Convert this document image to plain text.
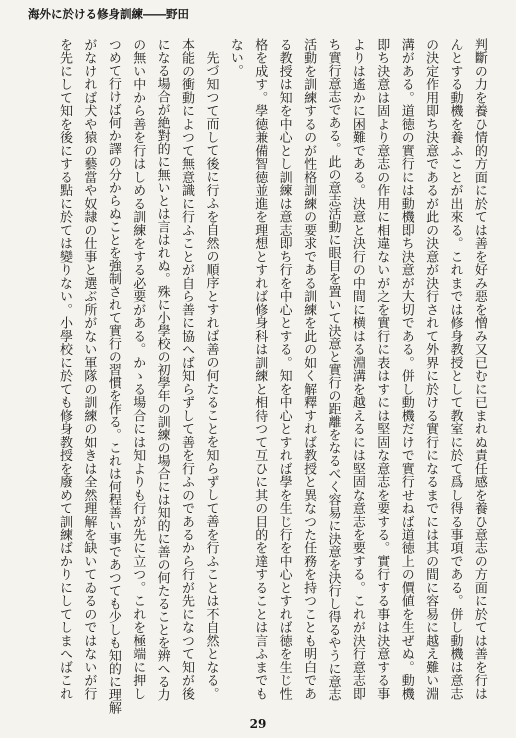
海外に於ける修身訓練――野田
判斷の力を養ひ情的方面に於ては善を好み惡を憎み又已むに已まれぬ責任感を養ひ意志の方面に於ては善を行は
んとする動機を養ふことが出來る。これまでは修身教授として教室に於て爲し得る事項である。併し動機は意志
の決定作用即ち決意であるが此の決意が決行されて外界に於ける實行になるまでには其の間に容易に越え難い淵
溝がある。道徳の實行には動機即ち決意が大切である。併し動機だけで實行せねば道徳上の價値を生ぜぬ。動機
即ち決意は固より意志の作用に相違ないが之を實行に表はすには堅固な意志を要する。實行する事は決意する事
よりは遙かに困難である。決意と決行の中間に横はる淵溝を越えるには堅固な意志を要する。これが決行意志即
ち實行意志である。此の意志活動に眼目を置いて決意と實行の距離をなるべく容易に決意を決行し得るやうに意志
活動を訓練するのが性格訓練の要求である訓練を此の如く解釋すれば教授と異なつた任務を持つことも明白であ
る教授は知を中心とし訓練は意志即ち行を中心とする。知を中心とすれば學を生じ行を中心とすれば徳を生じ性
格を成す。學徳兼備智徳並進を理想とすれば修身科は訓練と相待つて互ひに其の目的を達することは言ふまでも
ない。
先づ知つて而して後に行ふを自然の順序とすれば善の何たることを知らずして善を行ふことは不自然となる。
本能の衝動によつて無意識に行ふことが自ら善に協へば知らずして善を行ふのであるから行が先になつて知が後
になる場合が絶對的に無いとは言はれぬ。殊に小學校の初學年の訓練の場合には知的に善の何たることを辨へる力
の無い中から善を行はしめる訓練をする必要がある。かゝる場合には知よりも行が先に立つ。これを極端に押し
つめて行けば何か譯の分からぬことを強制されて實行の習慣を作る。これは何程善い事であつても少しも知的に理解
がなければ犬や猿の藝當や奴隷の仕事と選ぶ所がない軍隊の訓練の如きは全然理解を缺いてゐるのではないが行
を先にして知を後にする點に於ては變りない。小學校に於ても修身教授を廢めて訓練ばかりにしてしまへばこれ
29
